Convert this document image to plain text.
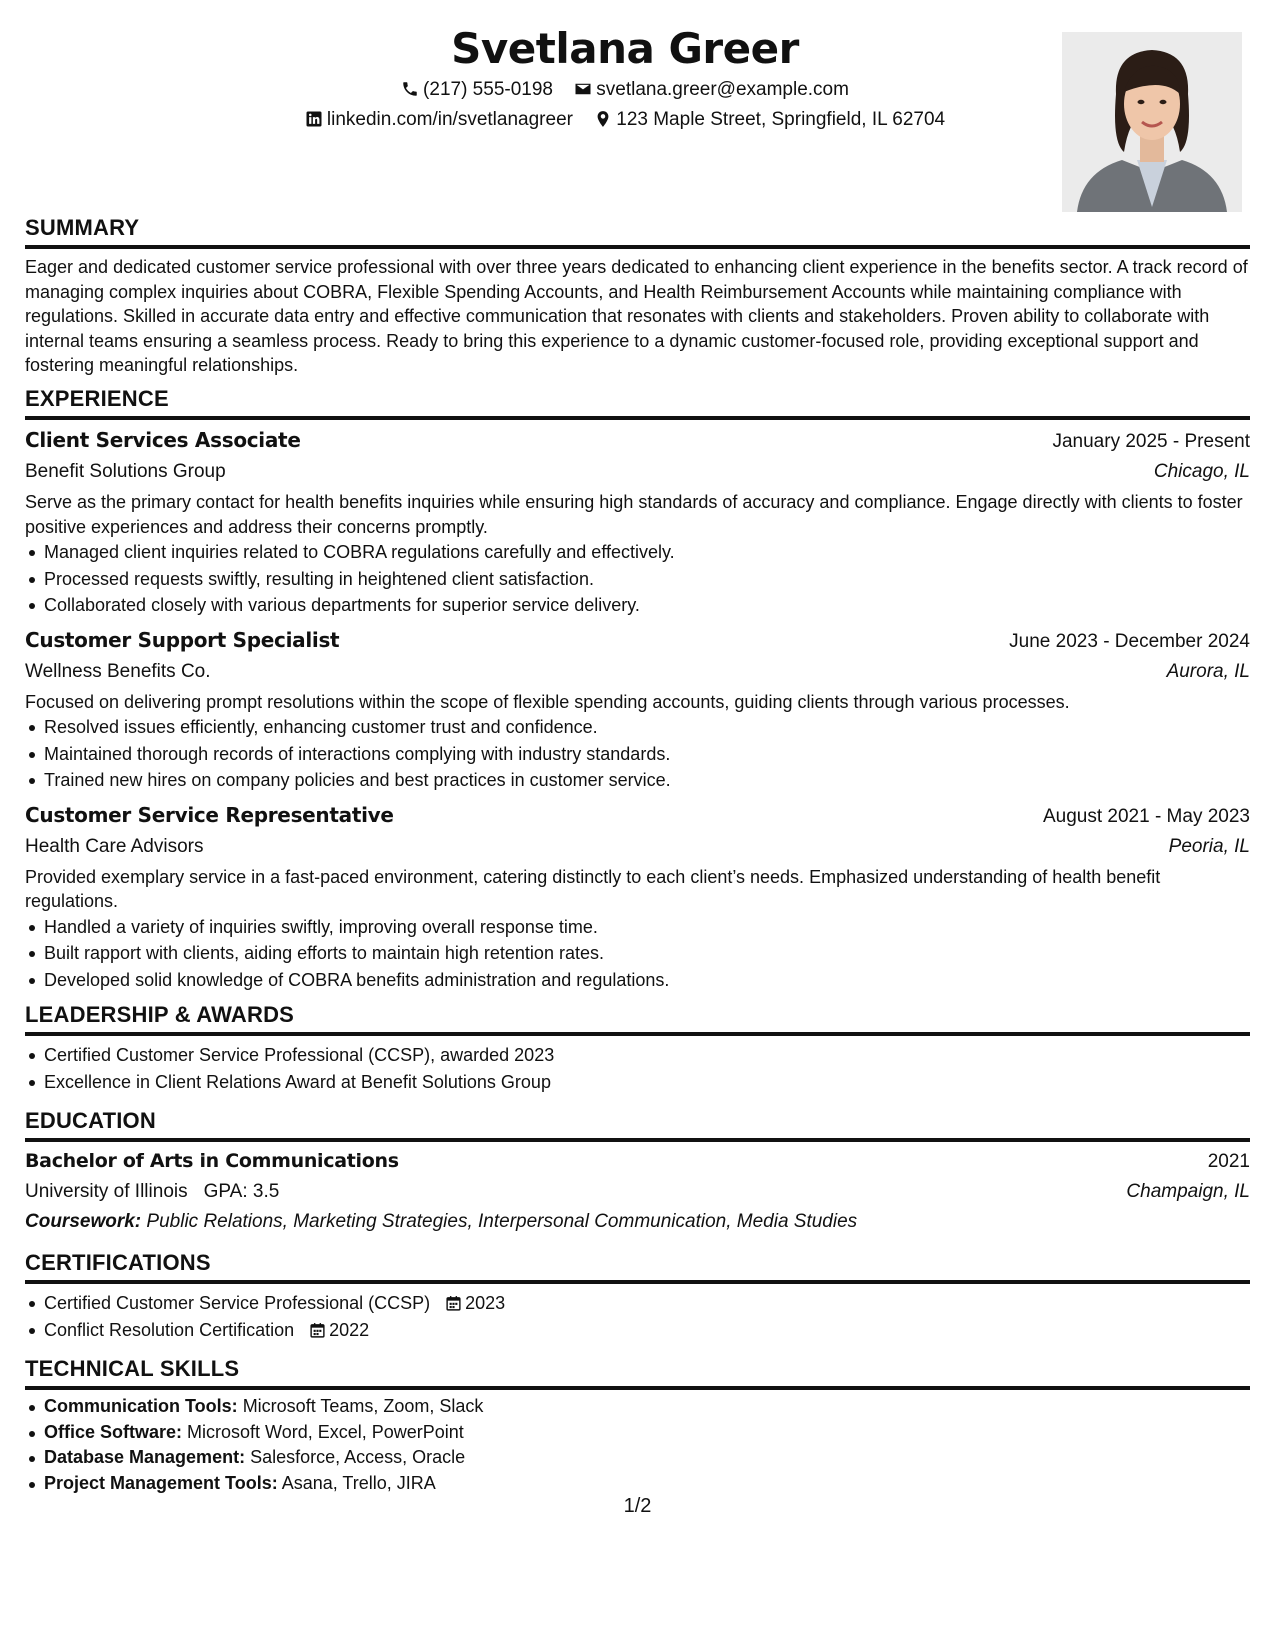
Svetlana Greer
(217) 555-0198 svetlana.greer@example.com
linkedin.com/in/svetlanagreer 123 Maple Street, Springfield, IL 62704
SUMMARY
Eager and dedicated customer service professional with over three years dedicated to enhancing client experience in the benefits sector. A track record of managing complex inquiries about COBRA, Flexible Spending Accounts, and Health Reimbursement Accounts while maintaining compliance with regulations. Skilled in accurate data entry and effective communication that resonates with clients and stakeholders. Proven ability to collaborate with internal teams ensuring a seamless process. Ready to bring this experience to a dynamic customer-focused role, providing exceptional support and fostering meaningful relationships.
EXPERIENCE
Client Services Associate	January 2025 - Present
Benefit Solutions Group	Chicago, IL
Serve as the primary contact for health benefits inquiries while ensuring high standards of accuracy and compliance. Engage directly with clients to foster positive experiences and address their concerns promptly.
Managed client inquiries related to COBRA regulations carefully and effectively.
Processed requests swiftly, resulting in heightened client satisfaction.
Collaborated closely with various departments for superior service delivery.
Customer Support Specialist	June 2023 - December 2024
Wellness Benefits Co.	Aurora, IL
Focused on delivering prompt resolutions within the scope of flexible spending accounts, guiding clients through various processes.
Resolved issues efficiently, enhancing customer trust and confidence.
Maintained thorough records of interactions complying with industry standards.
Trained new hires on company policies and best practices in customer service.
Customer Service Representative	August 2021 - May 2023
Health Care Advisors	Peoria, IL
Provided exemplary service in a fast-paced environment, catering distinctly to each client’s needs. Emphasized understanding of health benefit regulations.
Handled a variety of inquiries swiftly, improving overall response time.
Built rapport with clients, aiding efforts to maintain high retention rates.
Developed solid knowledge of COBRA benefits administration and regulations.
LEADERSHIP & AWARDS
Certified Customer Service Professional (CCSP), awarded 2023
Excellence in Client Relations Award at Benefit Solutions Group
EDUCATION
Bachelor of Arts in Communications	2021
University of Illinois GPA: 3.5	Champaign, IL
Coursework: Public Relations, Marketing Strategies, Interpersonal Communication, Media Studies
CERTIFICATIONS
Certified Customer Service Professional (CCSP) 2023
Conflict Resolution Certification 2022
TECHNICAL SKILLS
Communication Tools: Microsoft Teams, Zoom, Slack
Office Software: Microsoft Word, Excel, PowerPoint
Database Management: Salesforce, Access, Oracle
Project Management Tools: Asana, Trello, JIRA
1/2
